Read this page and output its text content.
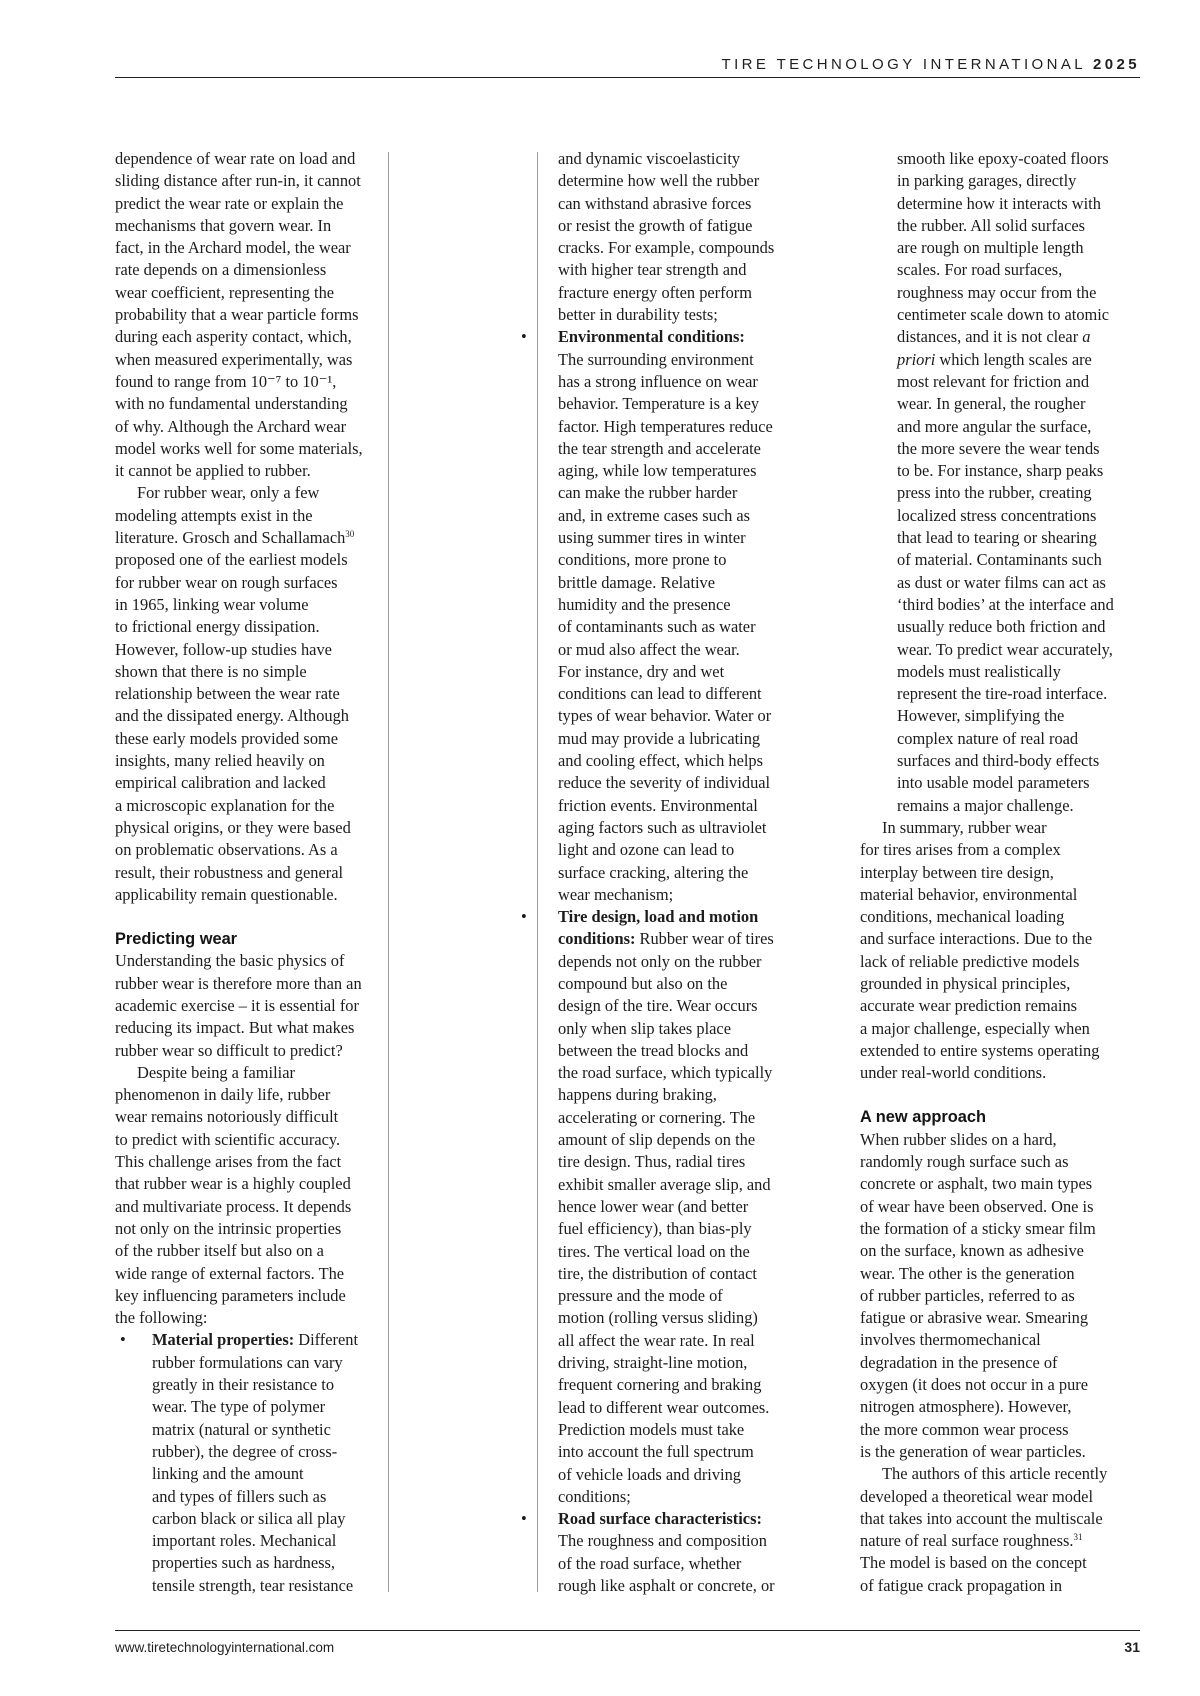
TIRE TECHNOLOGY INTERNATIONAL 2025

dependence of wear rate on load and
sliding distance after run-in, it cannot
predict the wear rate or explain the
mechanisms that govern wear. In
fact, in the Archard model, the wear
rate depends on a dimensionless
wear coefficient, representing the
probability that a wear particle forms
during each asperity contact, which,
when measured experimentally, was
found to range from 10⁻⁷ to 10⁻¹,
with no fundamental understanding
of why. Although the Archard wear
model works well for some materials,
it cannot be applied to rubber.

For rubber wear, only a few
modeling attempts exist in the
literature. Grosch and Schallamach$^{30}$
proposed one of the earliest models
for rubber wear on rough surfaces
in 1965, linking wear volume
to frictional energy dissipation.
However, follow-up studies have
shown that there is no simple
relationship between the wear rate
and the dissipated energy. Although
these early models provided some
insights, many relied heavily on
empirical calibration and lacked
a microscopic explanation for the
physical origins, or they were based
on problematic observations. As a
result, their robustness and general
applicability remain questionable.

Predicting wear

Understanding the basic physics of
rubber wear is therefore more than an
academic exercise – it is essential for
reducing its impact. But what makes
rubber wear so difficult to predict?

Despite being a familiar
phenomenon in daily life, rubber
wear remains notoriously difficult
to predict with scientific accuracy.
This challenge arises from the fact
that rubber wear is a highly coupled
and multivariate process. It depends
not only on the intrinsic properties
of the rubber itself but also on a
wide range of external factors. The
key influencing parameters include
the following:

• Material properties: Different
rubber formulations can vary
greatly in their resistance to
wear. The type of polymer
matrix (natural or synthetic
rubber), the degree of cross-
linking and the amount
and types of fillers such as
carbon black or silica all play
important roles. Mechanical
properties such as hardness,
tensile strength, tear resistance

and dynamic viscoelasticity
determine how well the rubber
can withstand abrasive forces
or resist the growth of fatigue
cracks. For example, compounds
with higher tear strength and
fracture energy often perform
better in durability tests;

• Environmental conditions:
The surrounding environment
has a strong influence on wear
behavior. Temperature is a key
factor. High temperatures reduce
the tear strength and accelerate
aging, while low temperatures
can make the rubber harder
and, in extreme cases such as
using summer tires in winter
conditions, more prone to
brittle damage. Relative
humidity and the presence
of contaminants such as water
or mud also affect the wear.
For instance, dry and wet
conditions can lead to different
types of wear behavior. Water or
mud may provide a lubricating
and cooling effect, which helps
reduce the severity of individual
friction events. Environmental
aging factors such as ultraviolet
light and ozone can lead to
surface cracking, altering the
wear mechanism;

• Tire design, load and motion
conditions: Rubber wear of tires
depends not only on the rubber
compound but also on the
design of the tire. Wear occurs
only when slip takes place
between the tread blocks and
the road surface, which typically
happens during braking,
accelerating or cornering. The
amount of slip depends on the
tire design. Thus, radial tires
exhibit smaller average slip, and
hence lower wear (and better
fuel efficiency), than bias-ply
tires. The vertical load on the
tire, the distribution of contact
pressure and the mode of
motion (rolling versus sliding)
all affect the wear rate. In real
driving, straight-line motion,
frequent cornering and braking
lead to different wear outcomes.
Prediction models must take
into account the full spectrum
of vehicle loads and driving
conditions;

• Road surface characteristics:
The roughness and composition
of the road surface, whether
rough like asphalt or concrete, or

smooth like epoxy-coated floors
in parking garages, directly
determine how it interacts with
the rubber. All solid surfaces
are rough on multiple length
scales. For road surfaces,
roughness may occur from the
centimeter scale down to atomic
distances, and it is not clear a
priori which length scales are
most relevant for friction and
wear. In general, the rougher
and more angular the surface,
the more severe the wear tends
to be. For instance, sharp peaks
press into the rubber, creating
localized stress concentrations
that lead to tearing or shearing
of material. Contaminants such
as dust or water films can act as
‘third bodies’ at the interface and
usually reduce both friction and
wear. To predict wear accurately,
models must realistically
represent the tire-road interface.
However, simplifying the
complex nature of real road
surfaces and third-body effects
into usable model parameters
remains a major challenge.

In summary, rubber wear
for tires arises from a complex
interplay between tire design,
material behavior, environmental
conditions, mechanical loading
and surface interactions. Due to the
lack of reliable predictive models
grounded in physical principles,
accurate wear prediction remains
a major challenge, especially when
extended to entire systems operating
under real-world conditions.

A new approach

When rubber slides on a hard,
randomly rough surface such as
concrete or asphalt, two main types
of wear have been observed. One is
the formation of a sticky smear film
on the surface, known as adhesive
wear. The other is the generation
of rubber particles, referred to as
fatigue or abrasive wear. Smearing
involves thermomechanical
degradation in the presence of
oxygen (it does not occur in a pure
nitrogen atmosphere). However,
the more common wear process
is the generation of wear particles.

The authors of this article recently
developed a theoretical wear model
that takes into account the multiscale
nature of real surface roughness.$^{31}$
The model is based on the concept
of fatigue crack propagation in

www.tiretechnologyinternational.com	31
